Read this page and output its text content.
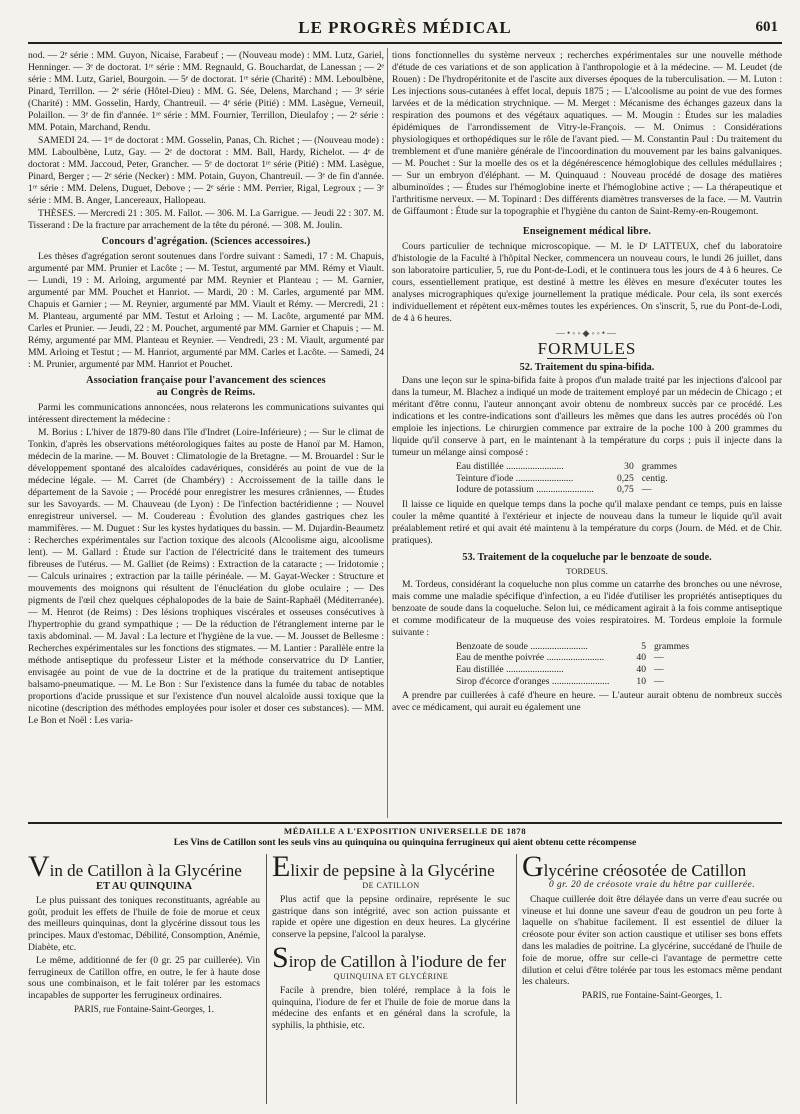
LE PROGRÈS MÉDICAL	601

nod. — 2ᵉ série : MM. Guyon, Nicaise, Farabeuf ; — (Nouveau mode) : MM. Lutz, Gariel, Henninger. — 3ᵉ de doctorat. 1ʳᵉ série : MM. Regnauld, G. Bouchardat, de Lanessan ; — 2ᵉ série : MM. Lutz, Gariel, Bourgoin. — 5ᵉ de doctorat. 1ʳᵉ série (Charité) : MM. Leboulbène, Pinard, Terrillon. — 2ᵉ série (Hôtel-Dieu) : MM. G. Sée, Delens, Marchand ; — 3ᵉ série (Charité) : MM. Gosselin, Hardy, Chantreuil. — 4ᵉ série (Pitié) : MM. Lasègue, Verneuil, Polaillon. — 3ᵉ de fin d'année. 1ʳᵉ série : MM. Fournier, Terrillon, Dieulafoy ; — 2ᵉ série : MM. Potain, Marchand, Rendu.

SAMEDI 24. — 1ᵉʳ de doctorat : MM. Gosselin, Panas, Ch. Richet ; — (Nouveau mode) : MM. Laboulbène, Lutz, Gay. — 2ᵉ de doctorat : MM. Ball, Hardy, Richelot. — 4ᵉ de doctorat : MM. Jaccoud, Peter, Grancher. — 5ᵉ de doctorat 1ʳᵉ série (Pitié) : MM. Lasègue, Pinard, Berger ; — 2ᵉ série (Necker) : MM. Potain, Guyon, Chantreuil. — 3ᵉ de fin d'année. 1ʳᵉ série : MM. Delens, Duguet, Debove ; — 2ᵉ série : MM. Perrier, Rigal, Legroux ; — 3ᵉ série : MM. B. Anger, Lancereaux, Hallopeau.

THÈSES. — Mercredi 21 : 305. M. Fallot. — 306. M. La Garrigue. — Jeudi 22 : 307. M. Tisserand : De la fracture par arrachement de la tête du péroné. — 308. M. Joulin.

Concours d'agrégation. (Sciences accessoires.)

Les thèses d'agrégation seront soutenues dans l'ordre suivant : Samedi, 17 : M. Chapuis, argumenté par MM. Prunier et Lacôte ; — M. Testut, argumenté par MM. Rémy et Viault. — Lundi, 19 : M. Arloing, argumenté par MM. Reynier et Planteau ; — M. Garnier, argumenté par MM. Pouchet et Hanriot. — Mardi, 20 : M. Carles, argumenté par MM. Chapuis et Garnier ; — M. Reynier, argumenté par MM. Viault et Rémy. — Mercredi, 21 : M. Planteau, argumenté par MM. Testut et Arloing ; — M. Lacôte, argumenté par MM. Carles et Prunier. — Jeudi, 22 : M. Pouchet, argumenté par MM. Garnier et Chapuis ; — M. Rémy, argumenté par MM. Planteau et Reynier. — Vendredi, 23 : M. Viault, argumenté par MM. Arloing et Testut ; — M. Hanriot, argumenté par MM. Carles et Lacôte. — Samedi, 24 : M. Prunier, argumenté par MM. Hanriot et Pouchet.

Association française pour l'avancement des sciences
au Congrès de Reims.

Parmi les communications annoncées, nous relaterons les communications suivantes qui intéressent directement la médecine :

M. Borius : L'hiver de 1879-80 dans l'île d'Indret (Loire-Inférieure) ; — Sur le climat de Tonkin, d'après les observations météorologiques faites au poste de Hanoï par M. Hamon, médecin de la marine. — M. Bouvet : Climatologie de la Bretagne. — M. Brouardel : Sur le développement spontané des alcaloïdes cadavériques, considérés au point de vue de la médecine légale. — M. Carret (de Chambéry) : Accroissement de la taille dans le département de la Savoie ; — Procédé pour enregistrer les mesures crâniennes, — Études sur les Savoyards. — M. Chauveau (de Lyon) : De l'infection bactéridienne ; — Nouvel enregistreur universel. — M. Coudereau : Évolution des glandes gastriques chez les mammifères. — M. Duguet : Sur les kystes hydatiques du bassin. — M. Dujardin-Beaumetz : Recherches expérimentales sur l'action toxique des alcools (Alcoolisme aigu, alcoolisme lent). — M. Gallard : Étude sur l'action de l'électricité dans le traitement des tumeurs fibreuses de l'utérus. — M. Galliet (de Reims) : Extraction de la cataracte ; — Iridotomie ; — Calculs urinaires ; extraction par la taille périnéale. — M. Gayat-Wecker : Structure et mouvements des moignons qui résultent de l'énucléation du globe oculaire ; — Des pigments de l'œil chez quelques céphalopodes de la baie de Saint-Raphaël (Méditerranée). — M. Henrot (de Reims) : Des lésions trophiques viscérales et osseuses consécutives à l'hypertrophie du grand sympathique ; — De la réduction de l'étranglement interne par le taxis abdominal. — M. Javal : La lecture et l'hygiène de la vue. — M. Jousset de Bellesme : Recherches expérimentales sur les fonctions des stigmates. — M. Lantier : Parallèle entre la méthode antiseptique du professeur Lister et la méthode conservatrice du Dʳ Lantier, envisagée au point de vue de la doctrine et de la pratique du traitement antiseptique balsamo-pneumatique. — M. Le Bon : Sur l'existence dans la fumée du tabac de notables proportions d'acide prussique et sur l'existence d'un nouvel alcaloïde aussi toxique que la nicotine (description des méthodes employées pour isoler et doser ces substances). — MM. Le Bon et Noël : Les varia-

tions fonctionnelles du système nerveux ; recherches expérimentales sur une nouvelle méthode d'étude de ces variations et de son application à l'anthropologie et à la médecine. — M. Leudet (de Rouen) : De l'hydropéritonite et de l'ascite aux diverses époques de la tuberculisation. — M. Luton : Les injections sous-cutanées à effet local, depuis 1875 ; — L'alcoolisme au point de vue des formes larvées et de la médication strychnique. — M. Merget : Mécanisme des échanges gazeux dans la respiration des poumons et des végétaux aquatiques. — M. Mougin : Études sur les maladies épidémiques de l'arrondissement de Vitry-le-François. — M. Onimus : Considérations physiologiques et orthopédiques sur le rôle de l'avant pied. — M. Constantin Paul : Du traitement du tremblement et d'une manière générale de l'incoordination du mouvement par les bains galvaniques. — M. Pouchet : Sur la moelle des os et la dégénérescence hémoglobique des cellules médullaires ; — Sur un embryon d'éléphant. — M. Quinquaud : Nouveau procédé de dosage des matières albuminoïdes ; — Études sur l'hémoglobine inerte et l'hémoglobine active ; — La thérapeutique et l'arthritisme nerveux. — M. Topinard : Des différents diamètres transverses de la face. — M. Vautrin de Giffaumont : Étude sur la topographie et l'hygiène du canton de Saint-Remy-en-Rougemont.

Enseignement médical libre.

Cours particulier de technique microscopique. — M. le Dʳ LATTEUX, chef du laboratoire d'histologie de la Faculté à l'hôpital Necker, commencera un nouveau cours, le lundi 26 juillet, dans son laboratoire particulier, 5, rue du Pont-de-Lodi, et le continuera tous les jours de 4 à 6 heures. Ce cours, essentiellement pratique, est destiné à mettre les élèves en mesure d'exécuter toutes les analyses micrographiques qu'exige journellement la pratique médicale. Pour cela, ils sont exercés individuellement et répètent eux-mêmes toutes les expériences. On s'inscrit, 5, rue du Pont-de-Lodi, de 4 à 6 heures.

—•◦◦◆◦◦•—
FORMULES
52. Traitement du spina-bifida.

Dans une leçon sur le spina-bifida faite à propos d'un malade traité par les injections d'alcool par dans la tumeur, M. Blachez a indiqué un mode de traitement employé par un médecin de Chicago ; et méritant d'être connu, l'auteur annonçant avoir obtenu de nombreux succès par ce procédé. Les indications et les contre-indications sont d'ailleurs les mêmes que dans les autres procédés où l'on emploie les injections. Le chirurgien commence par extraire de la poche 100 à 200 grammes du liquide qu'il conserve à part, en le maintenant à la température du corps ; puis il injecte dans la tumeur un mélange ainsi composé :

Eau distillée ........................	30	grammes
Teinture d'iode ........................	0,25	centig.
Iodure de potassium ........................	0,75	—

Il laisse ce liquide en quelque temps dans la poche qu'il malaxe pendant ce temps, puis en laisse couler la même quantité à l'extérieur et injecte de nouveau dans la tumeur le liquide qu'il avait préalablement retiré et qui avait été maintenu à la température du corps (Journ. de Méd. et de Chir. pratiques).

53. Traitement de la coqueluche par le benzoate de soude.
TORDEUS.

M. Tordeus, considérant la coqueluche non plus comme un catarrhe des bronches ou une névrose, mais comme une maladie spécifique d'infection, a eu l'idée d'utiliser les propriétés antiseptiques du benzoate de soude dans la coqueluche. Selon lui, ce médicament agirait à la fois comme antiseptique et comme modificateur de la muqueuse des voies respiratoires. M. Tordeus emploie la formule suivante :

Benzoate de soude ........................	5	grammes
Eau de menthe poivrée ........................	40	—
Eau distillée ........................	40	—
Sirop d'écorce d'oranges ........................	10	—

A prendre par cuillerées à café d'heure en heure. — L'auteur aurait obtenu de nombreux succès avec ce médicament, qui aurait eu également une

MÉDAILLE A L'EXPOSITION UNIVERSELLE DE 1878
Les Vins de Catillon sont les seuls vins au quinquina ou quinquina ferrugineux qui aient obtenu cette récompense
Vin de Catillon à la Glycérine
ET AU QUINQUINA

Le plus puissant des toniques reconstituants, agréable au goût, produit les effets de l'huile de foie de morue et ceux des meilleurs quinquinas, dont la glycérine dissout tous les principes. Maux d'estomac, Débilité, Consomption, Anémie, Diabète, etc.

Le même, additionné de fer (0 gr. 25 par cuillerée). Vin ferrugineux de Catillon offre, en outre, le fer à haute dose sous une combinaison, et le fait tolérer par les estomacs incapables de supporter les ferrugineux ordinaires.

PARIS, rue Fontaine-Saint-Georges, 1.
Elixir de pepsine à la Glycérine
DE CATILLON

Plus actif que la pepsine ordinaire, représente le suc gastrique dans son intégrité, avec son action puissante et rapide et opère une digestion en deux heures. La glycérine conserve la pepsine, l'alcool la paralyse.

Sirop de Catillon à l'iodure de fer
QUINQUINA ET GLYCÉRINE

Facile à prendre, bien toléré, remplace à la fois le quinquina, l'iodure de fer et l'huile de foie de morue dans la médecine des enfants et en général dans la scrofule, la syphilis, la phthisie, etc.

Glycérine créosotée de Catillon
0 gr. 20 de créosote vraie du hêtre par cuillerée.

Chaque cuillerée doit être délayée dans un verre d'eau sucrée ou vineuse et lui donne une saveur d'eau de goudron un peu forte à laquelle on s'habitue facilement. Il est essentiel de diluer la créosote pour éviter son action caustique et utiliser ses bons effets dans les maladies de poitrine. La glycérine, succédané de l'huile de foie de morue, offre sur celle-ci l'avantage de permettre cette dilution et celui d'être tolérée par tous les estomacs même pendant les chaleurs.

PARIS, rue Fontaine-Saint-Georges, 1.
